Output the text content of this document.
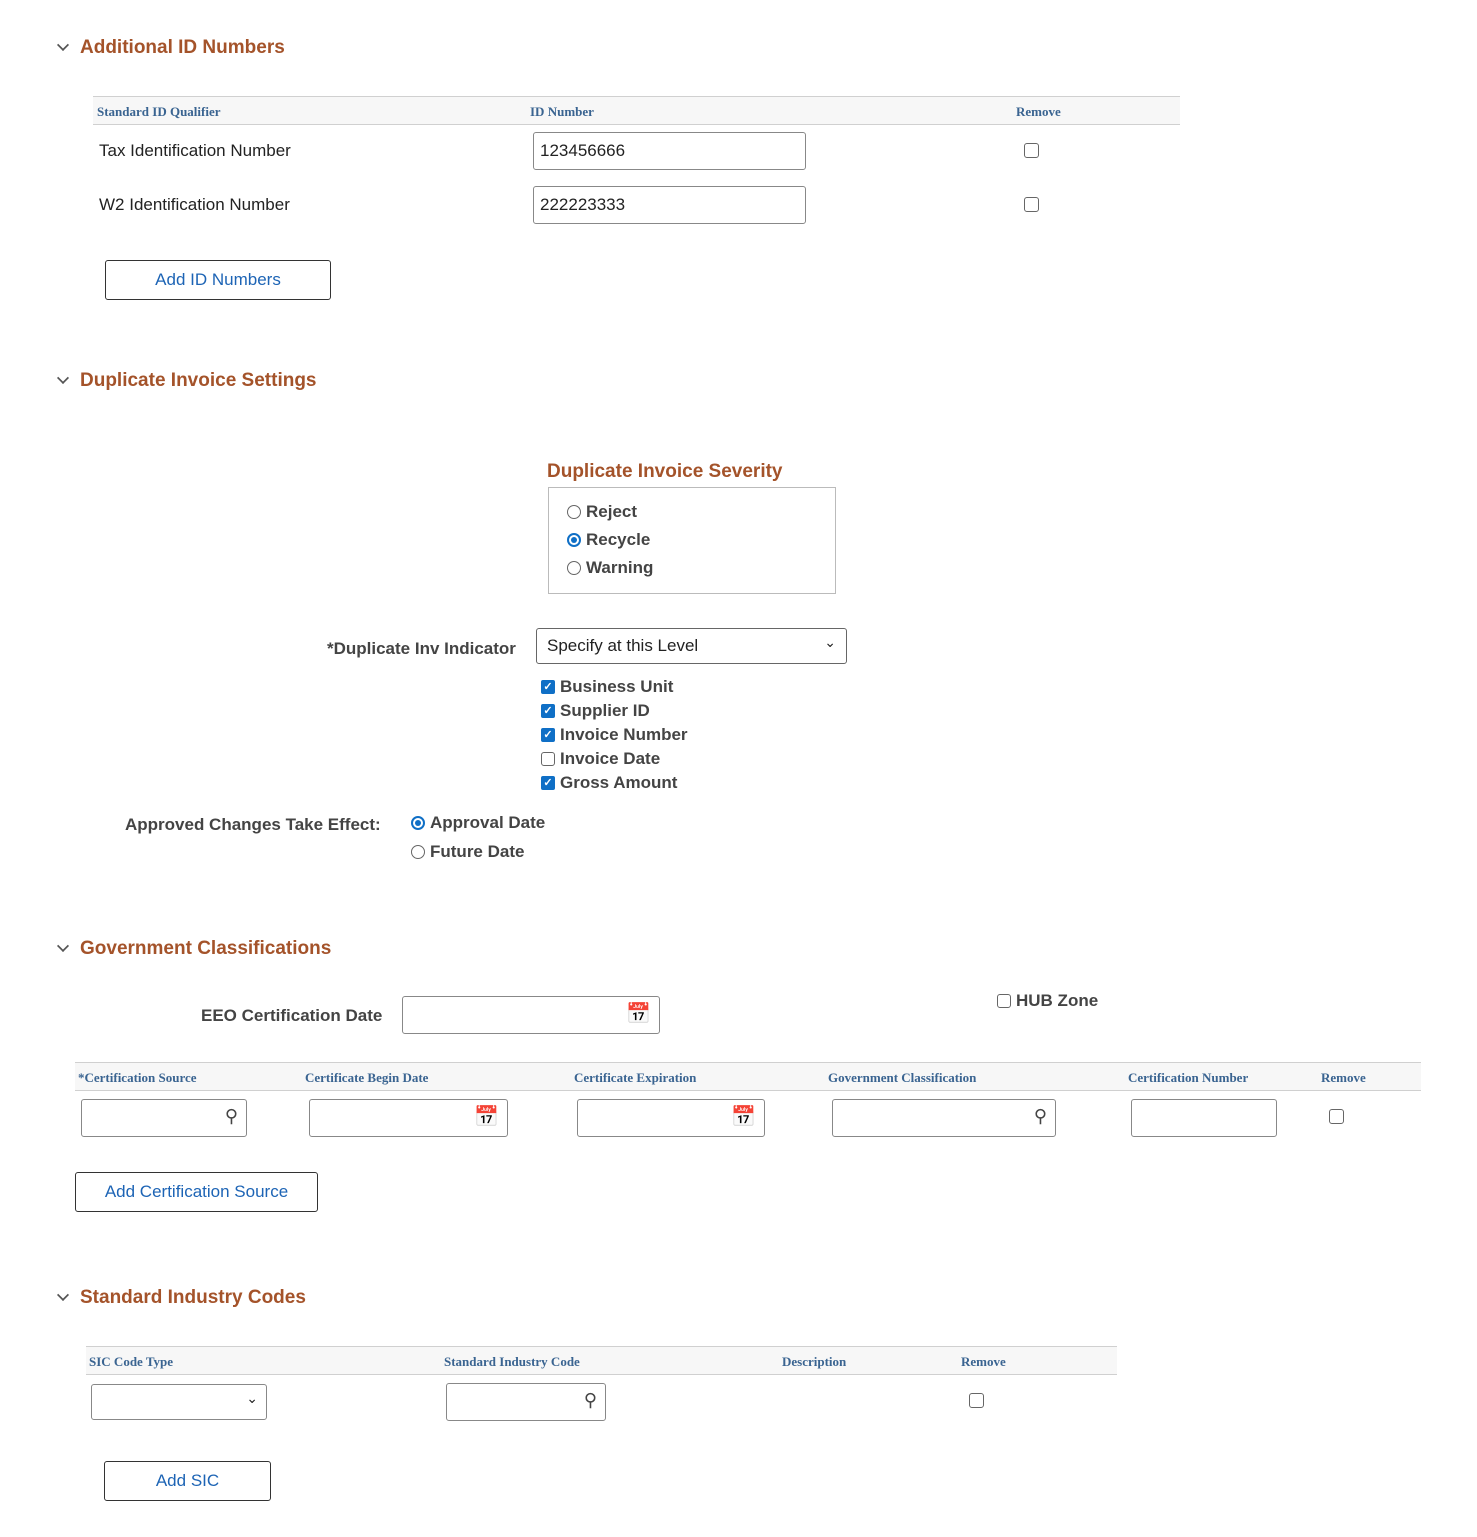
Additional ID Numbers
Standard ID Qualifier	ID Number	Remove
Tax Identification Number	123456666
W2 Identification Number	222223333
Add ID Numbers
Duplicate Invoice Settings
Duplicate Invoice Severity
Reject
Recycle
Warning
*Duplicate Inv Indicator	Specify at this Level	⌄
✓ Business Unit
✓ Supplier ID
✓ Invoice Number
Invoice Date
✓ Gross Amount
Approved Changes Take Effect:	Approval Date
Future Date
Government Classifications
EEO Certification Date	📅
HUB Zone
*Certification Source	Certificate Begin Date	Certificate Expiration	Government Classification	Certification Number	Remove
⚲	📅	📅	⚲
Add Certification Source
Standard Industry Codes
SIC Code Type	Standard Industry Code	Description	Remove
⌄	⚲
Add SIC
